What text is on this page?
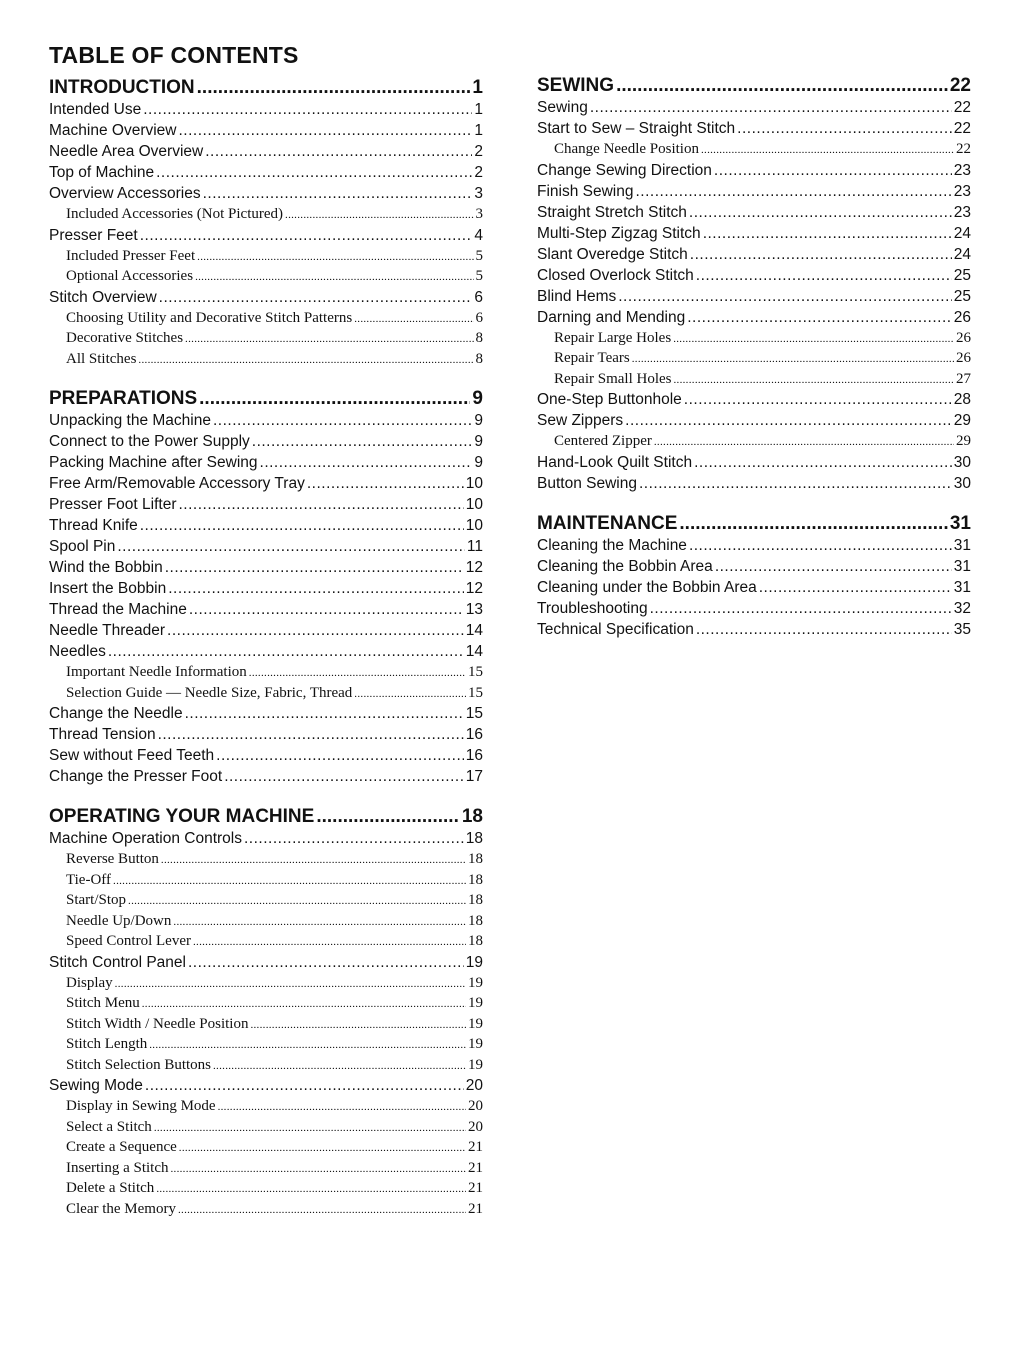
TABLE OF CONTENTS
INTRODUCTION .....	1
Intended Use .....	1
Machine Overview .....	1
Needle Area Overview .....	2
Top of Machine .....	2
Overview Accessories .....	3
Included Accessories (Not Pictured) .....	3
Presser Feet .....	4
Included Presser Feet .....	5
Optional Accessories .....	5
Stitch Overview .....	6
Choosing Utility and Decorative Stitch Patterns .....	6
Decorative Stitches .....	8
All Stitches .....	8
PREPARATIONS .....	9
Unpacking the Machine .....	9
Connect to the Power Supply .....	9
Packing Machine after Sewing .....	9
Free Arm/Removable Accessory Tray .....	10
Presser Foot Lifter .....	10
Thread Knife .....	10
Spool Pin .....	11
Wind the Bobbin .....	12
Insert the Bobbin .....	12
Thread the Machine .....	13
Needle Threader .....	14
Needles .....	14
Important Needle Information .....	15
Selection Guide — Needle Size, Fabric, Thread .....	15
Change the Needle .....	15
Thread Tension .....	16
Sew without Feed Teeth .....	16
Change the Presser Foot .....	17
OPERATING YOUR MACHINE .....	18
Machine Operation Controls .....	18
Reverse Button .....	18
Tie-Off .....	18
Start/Stop .....	18
Needle Up/Down .....	18
Speed Control Lever .....	18
Stitch Control Panel .....	19
Display .....	19
Stitch Menu .....	19
Stitch Width / Needle Position .....	19
Stitch Length .....	19
Stitch Selection Buttons .....	19
Sewing Mode .....	20
Display in Sewing Mode .....	20
Select a Stitch .....	20
Create a Sequence .....	21
Inserting a Stitch .....	21
Delete a Stitch .....	21
Clear the Memory .....	21
SEWING .....	22
Sewing .....	22
Start to Sew – Straight Stitch .....	22
Change Needle Position .....	22
Change Sewing Direction .....	23
Finish Sewing .....	23
Straight Stretch Stitch .....	23
Multi-Step Zigzag Stitch .....	24
Slant Overedge Stitch .....	24
Closed Overlock Stitch .....	25
Blind Hems .....	25
Darning and Mending .....	26
Repair Large Holes .....	26
Repair Tears .....	26
Repair Small Holes .....	27
One-Step Buttonhole .....	28
Sew Zippers .....	29
Centered Zipper .....	29
Hand-Look Quilt Stitch .....	30
Button Sewing .....	30
MAINTENANCE .....	31
Cleaning the Machine .....	31
Cleaning the Bobbin Area .....	31
Cleaning under the Bobbin Area .....	31
Troubleshooting .....	32
Technical Specification .....	35
